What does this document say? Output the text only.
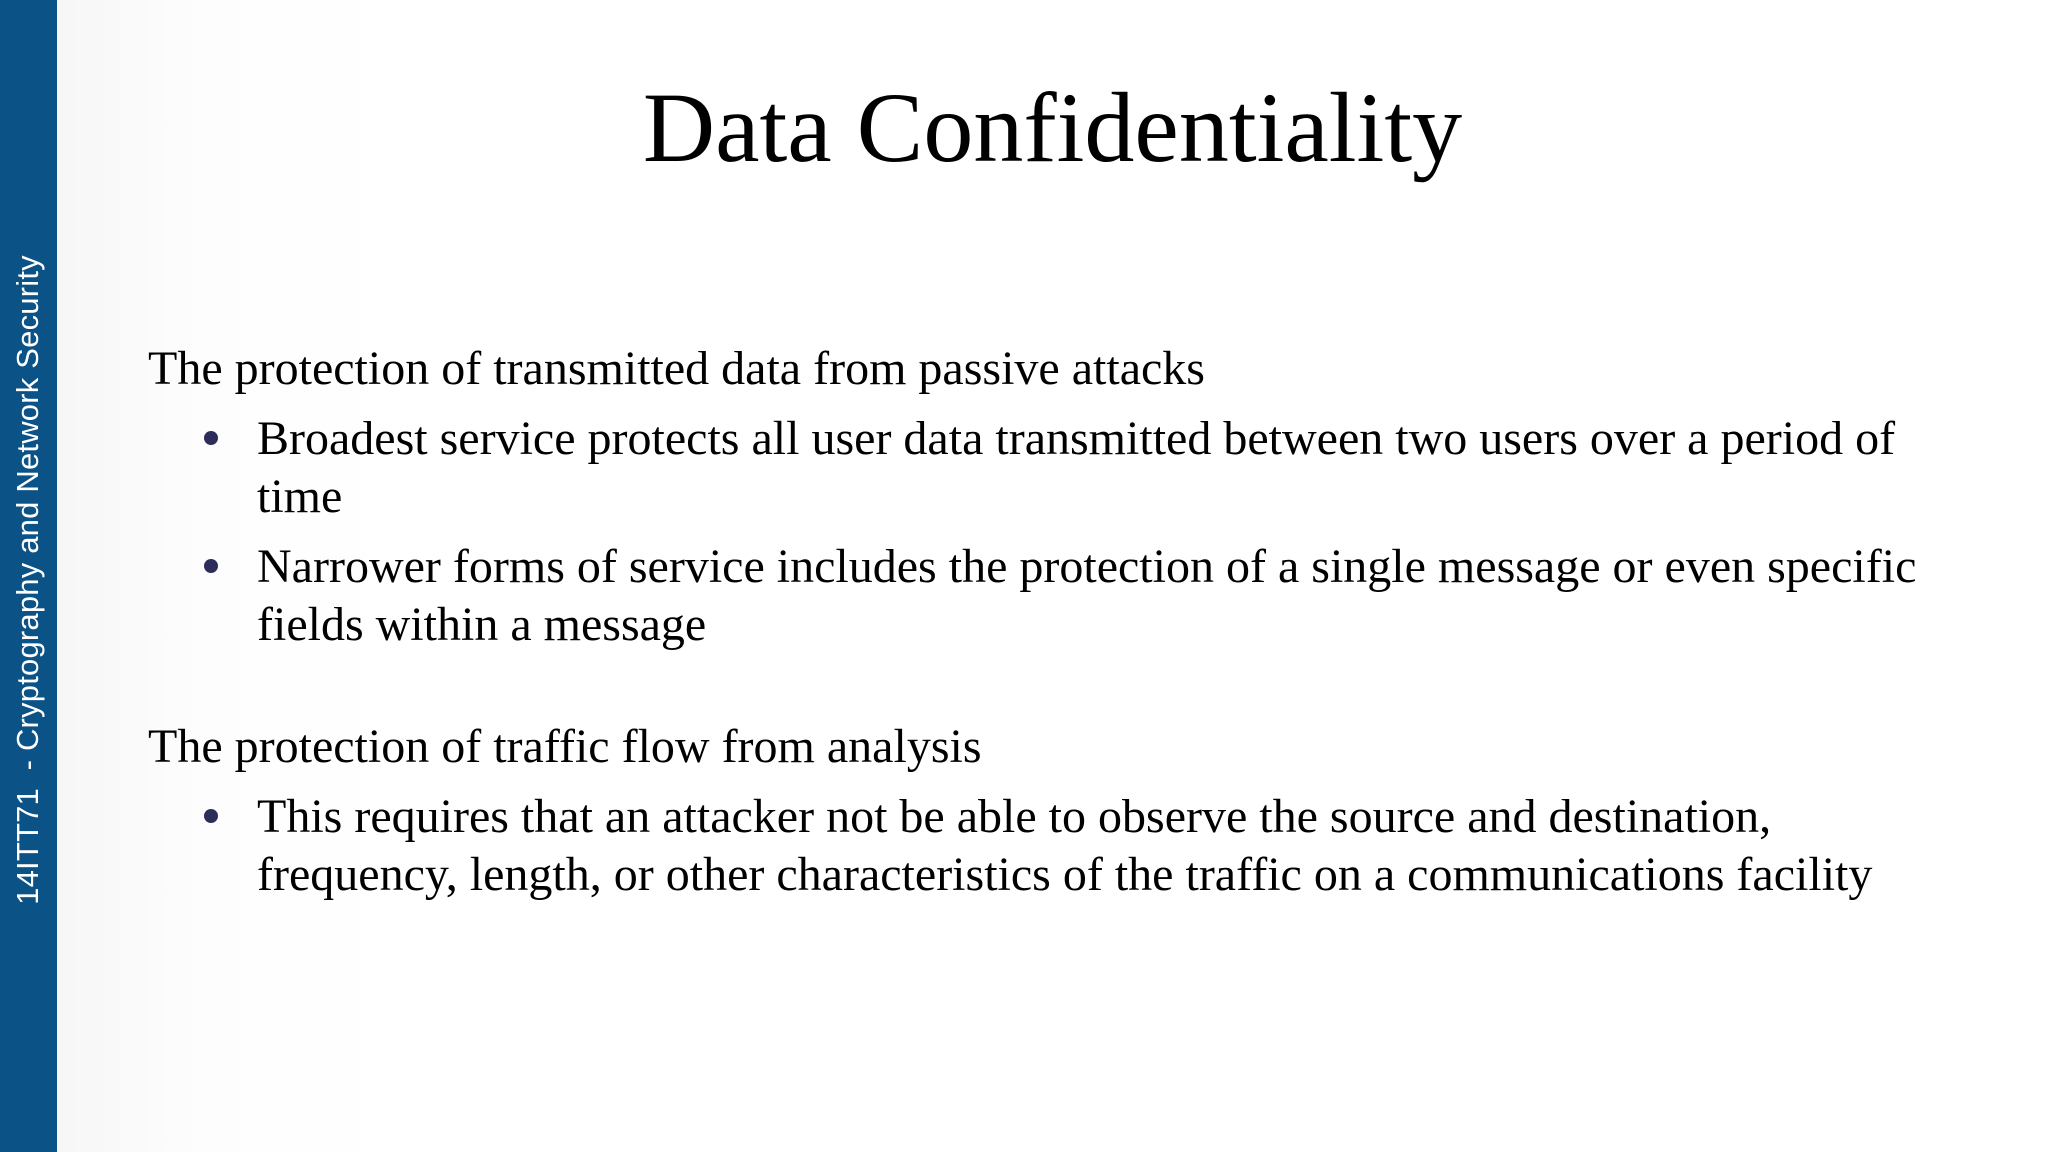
14ITT71  - Cryptography and Network Security
Data Confidentiality

The protection of transmitted data from passive attacks

Broadest service protects all user data transmitted between two users over a period of time
Narrower forms of service includes the protection of a single message or even specific fields within a message

The protection of traffic flow from analysis

This requires that an attacker not be able to observe the source and destination, frequency, length, or other characteristics of the traffic on a communications facility
